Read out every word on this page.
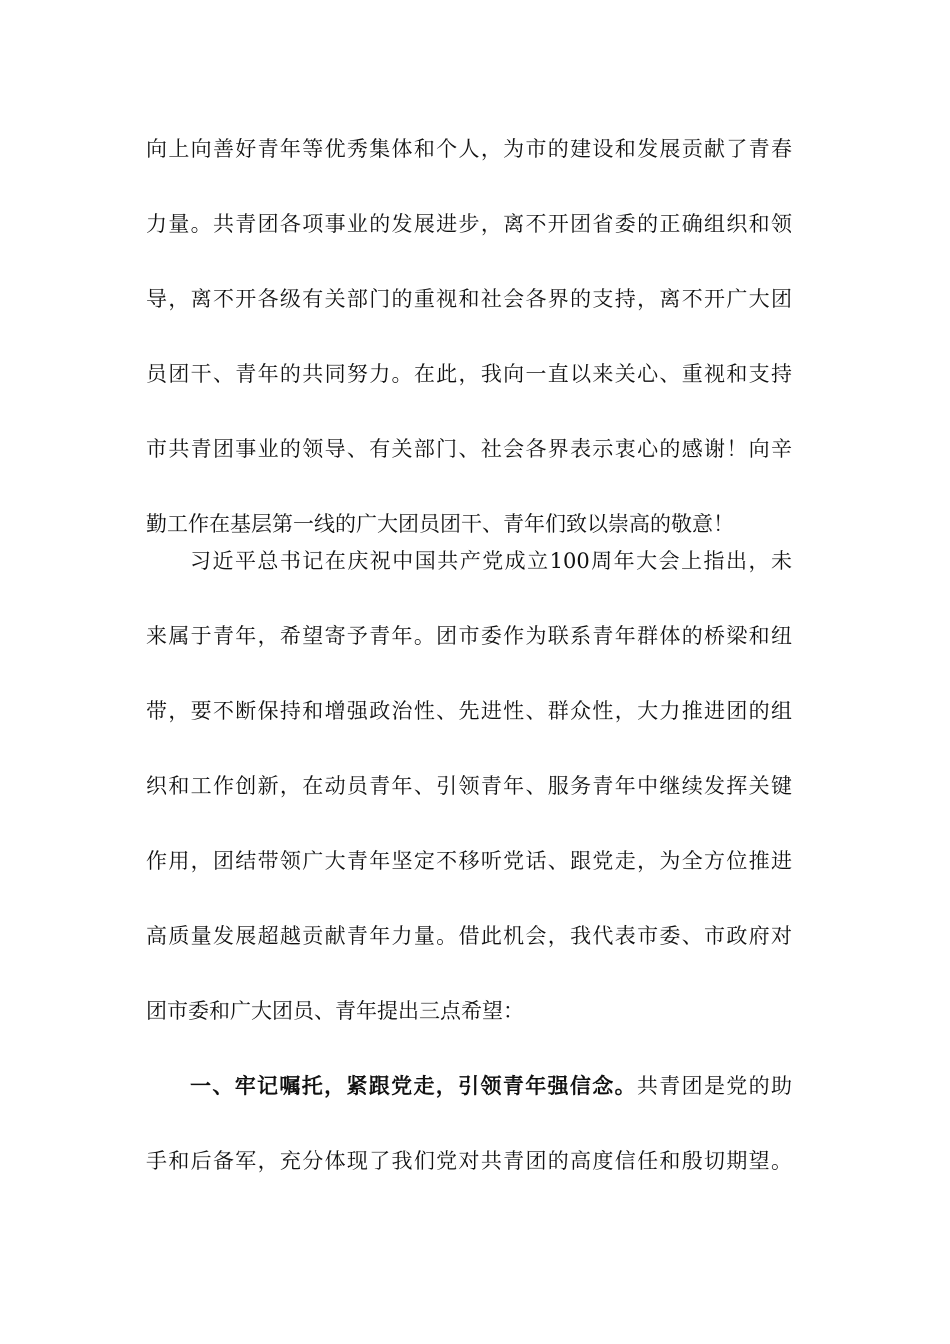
向上向善好青年等优秀集体和个人，为市的建设和发展贡献了青春
力量。共青团各项事业的发展进步，离不开团省委的正确组织和领
导，离不开各级有关部门的重视和社会各界的支持，离不开广大团
员团干、青年的共同努力。在此，我向一直以来关心、重视和支持
市共青团事业的领导、有关部门、社会各界表示衷心的感谢！向辛
勤工作在基层第一线的广大团员团干、青年们致以崇高的敬意！
习近平总书记在庆祝中国共产党成立100周年大会上指出，未
来属于青年，希望寄予青年。团市委作为联系青年群体的桥梁和纽
带，要不断保持和增强政治性、先进性、群众性，大力推进团的组
织和工作创新，在动员青年、引领青年、服务青年中继续发挥关键
作用，团结带领广大青年坚定不移听党话、跟党走，为全方位推进
高质量发展超越贡献青年力量。借此机会，我代表市委、市政府对
团市委和广大团员、青年提出三点希望：
一、牢记嘱托，紧跟党走，引领青年强信念。共青团是党的助
手和后备军，充分体现了我们党对共青团的高度信任和殷切期望。
